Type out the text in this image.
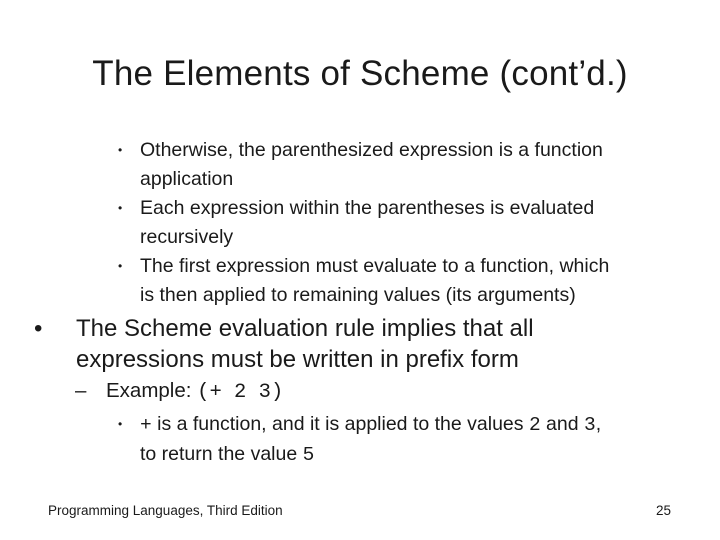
The Elements of Scheme (cont’d.)
• Otherwise, the parenthesized expression is a function
application
• Each expression within the parentheses is evaluated
recursively
• The first expression must evaluate to a function, which
is then applied to remaining values (its arguments)
•	The Scheme evaluation rule implies that all
expressions must be written in prefix form
– Example: (+ 2 3)
• + is a function, and it is applied to the values 2 and 3,
to return the value 5
Programming Languages, Third Edition	25
